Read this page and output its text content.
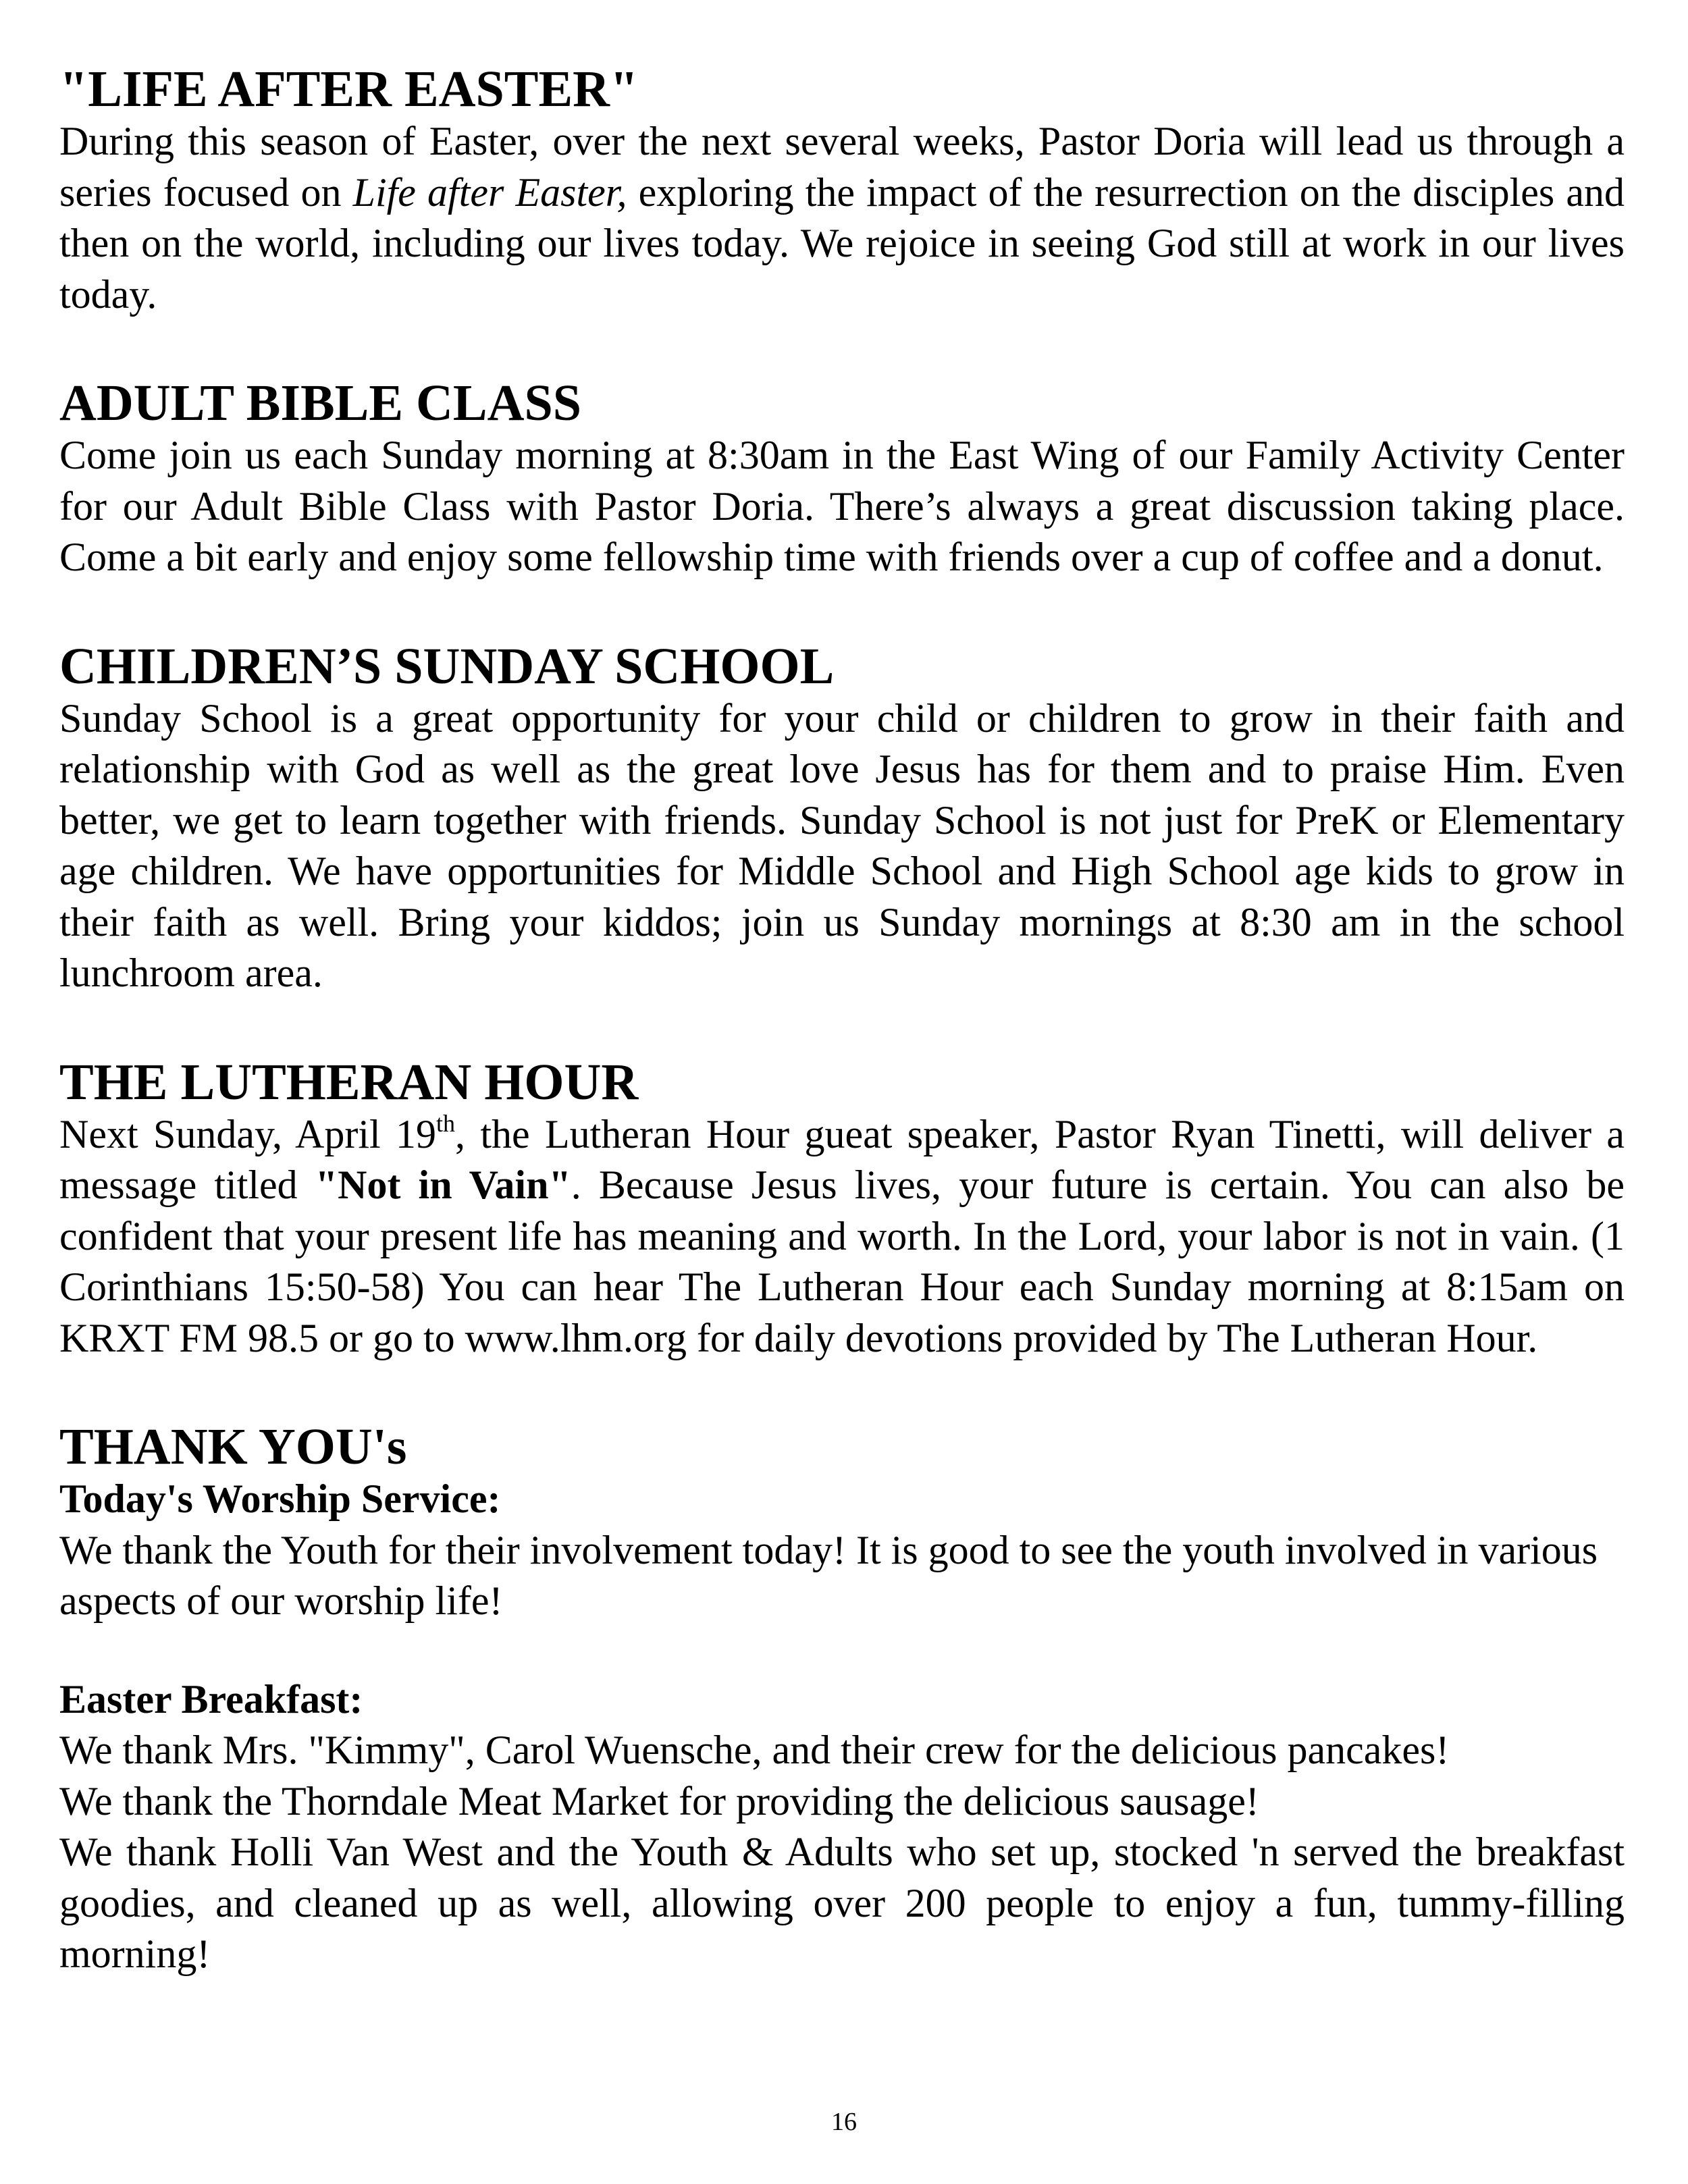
"LIFE AFTER EASTER"

During this season of Easter, over the next several weeks, Pastor Doria will lead us through a series focused on Life after Easter, exploring the impact of the resurrection on the disciples and then on the world, including our lives today. We rejoice in seeing God still at work in our lives today.

ADULT BIBLE CLASS

Come join us each Sunday morning at 8:30am in the East Wing of our Family Activity Center for our Adult Bible Class with Pastor Doria. There’s always a great discussion taking place. Come a bit early and enjoy some fellowship time with friends over a cup of coffee and a donut.

CHILDREN’S SUNDAY SCHOOL

Sunday School is a great opportunity for your child or children to grow in their faith and relationship with God as well as the great love Jesus has for them and to praise Him. Even better, we get to learn together with friends. Sunday School is not just for PreK or Elementary age children. We have opportunities for Middle School and High School age kids to grow in their faith as well. Bring your kiddos; join us Sunday mornings at 8:30 am in the school lunchroom area.

THE LUTHERAN HOUR

Next Sunday, April 19th, the Lutheran Hour gueat speaker, Pastor Ryan Tinetti, will deliver a message titled "Not in Vain". Because Jesus lives, your future is certain. You can also be confident that your present life has meaning and worth. In the Lord, your labor is not in vain. (1 Corinthians 15:50-58) You can hear The Lutheran Hour each Sunday morning at 8:15am on KRXT FM 98.5 or go to www.lhm.org for daily devotions provided by The Lutheran Hour.

THANK YOU's
Today's Worship Service:

We thank the Youth for their involvement today! It is good to see the youth involved in various aspects of our worship life!

Easter Breakfast:

We thank Mrs. "Kimmy", Carol Wuensche, and their crew for the delicious pancakes!

We thank the Thorndale Meat Market for providing the delicious sausage!

We thank Holli Van West and the Youth & Adults who set up, stocked 'n served the breakfast goodies, and cleaned up as well, allowing over 200 people to enjoy a fun, tummy-filling morning!

16
